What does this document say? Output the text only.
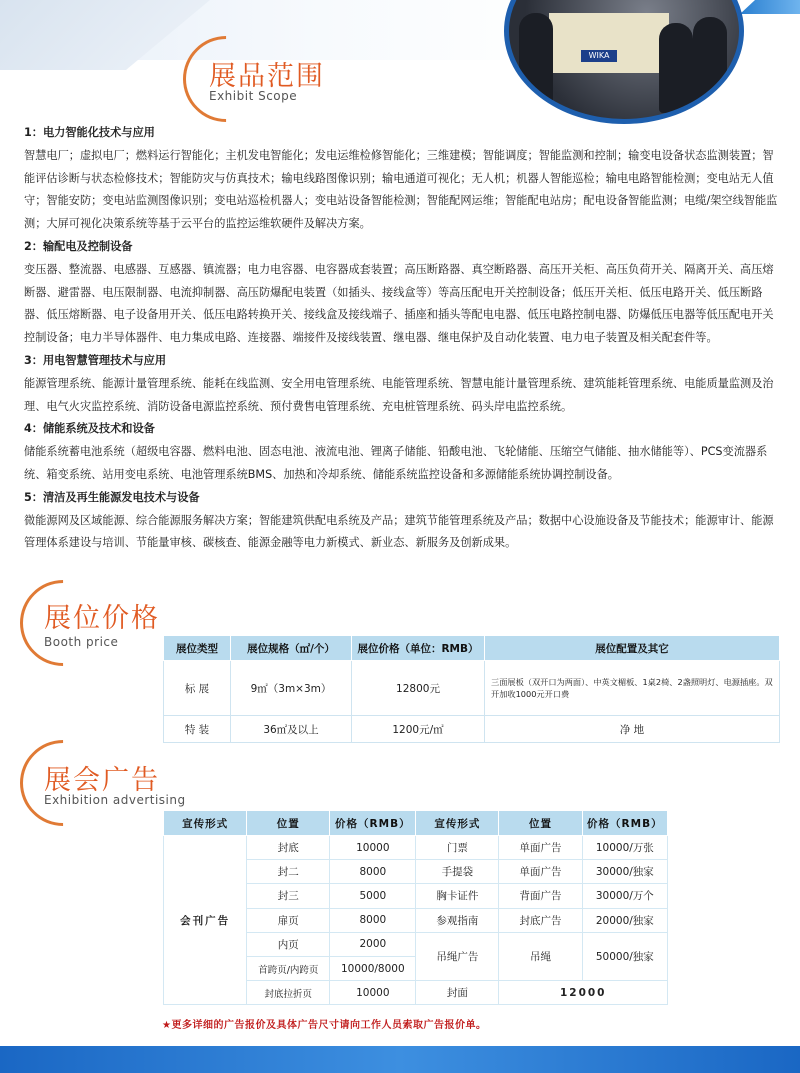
WIKA
展品范围
Exhibit Scope

1：电力智能化技术与应用

智慧电厂；虚拟电厂；燃料运行智能化；主机发电智能化；发电运维检修智能化；三维建模；智能调度；智能监测和控制；输变电设备状态监测装置；智能评估诊断与状态检修技术；智能防灾与仿真技术；输电线路图像识别；输电通道可视化；无人机；机器人智能巡检；输电电路智能检测；变电站无人值守；智能安防；变电站监测图像识别；变电站巡检机器人；变电站设备智能检测；智能配网运维；智能配电站房；配电设备智能监测；电缆/架空线智能监测；大屏可视化决策系统等基于云平台的监控运维软硬件及解决方案。

2：输配电及控制设备

变压器、整流器、电感器、互感器、镇流器；电力电容器、电容器成套装置；高压断路器、真空断路器、高压开关柜、高压负荷开关、隔离开关、高压熔断器、避雷器、电压限制器、电流抑制器、高压防爆配电装置（如插头、接线盒等）等高压配电开关控制设备；低压开关柜、低压电路开关、低压断路器、低压熔断器、电子设备用开关、低压电路转换开关、接线盒及接线端子、插座和插头等配电电器、低压电路控制电器、防爆低压电器等低压配电开关控制设备；电力半导体器件、电力集成电路、连接器、端接件及接线装置、继电器、继电保护及自动化装置、电力电子装置及相关配套件等。

3：用电智慧管理技术与应用

能源管理系统、能源计量管理系统、能耗在线监测、安全用电管理系统、电能管理系统、智慧电能计量管理系统、建筑能耗管理系统、电能质量监测及治理、电气火灾监控系统、消防设备电源监控系统、预付费售电管理系统、充电桩管理系统、码头岸电监控系统。

4：储能系统及技术和设备

储能系统蓄电池系统（超级电容器、燃料电池、固态电池、液流电池、锂离子储能、铅酸电池、飞轮储能、压缩空气储能、抽水储能等）、PCS变流器系统、箱变系统、站用变电系统、电池管理系统BMS、加热和冷却系统、储能系统监控设备和多源储能系统协调控制设备。

5：清洁及再生能源发电技术与设备

微能源网及区域能源、综合能源服务解决方案；智能建筑供配电系统及产品；建筑节能管理系统及产品；数据中心设施设备及节能技术；能源审计、能源管理体系建设与培训、节能量审核、碳核查、能源金融等电力新模式、新业态、新服务及创新成果。

展位价格
Booth price	展位类型	展位规格（㎡/个）	展位价格（单位：RMB）	展位配置及其它
标 展	9㎡（3m×3m）	12800元	三面展板（双开口为两面）、中英文楣板、1桌2椅、2盏照明灯、电源插座。双开加收1000元开口费
特 装	36㎡及以上	1200元/㎡	净 地
展会广告
Exhibition advertising
宣传形式	位置	价格（RMB）	宣传形式	位置	价格（RMB）
会刊广告	封底	10000	门票	单面广告	10000/万张
	封二	8000	手提袋	单面广告	30000/独家
	封三	5000	胸卡证件	背面广告	30000/万个
	扉页	8000	参观指南	封底广告	20000/独家
	内页	2000	吊绳广告	吊绳	50000/独家
	首跨页/内跨页	10000/8000			
	封底拉折页	10000	封面	12000	
★更多详细的广告报价及具体广告尺寸请向工作人员索取广告报价单。
